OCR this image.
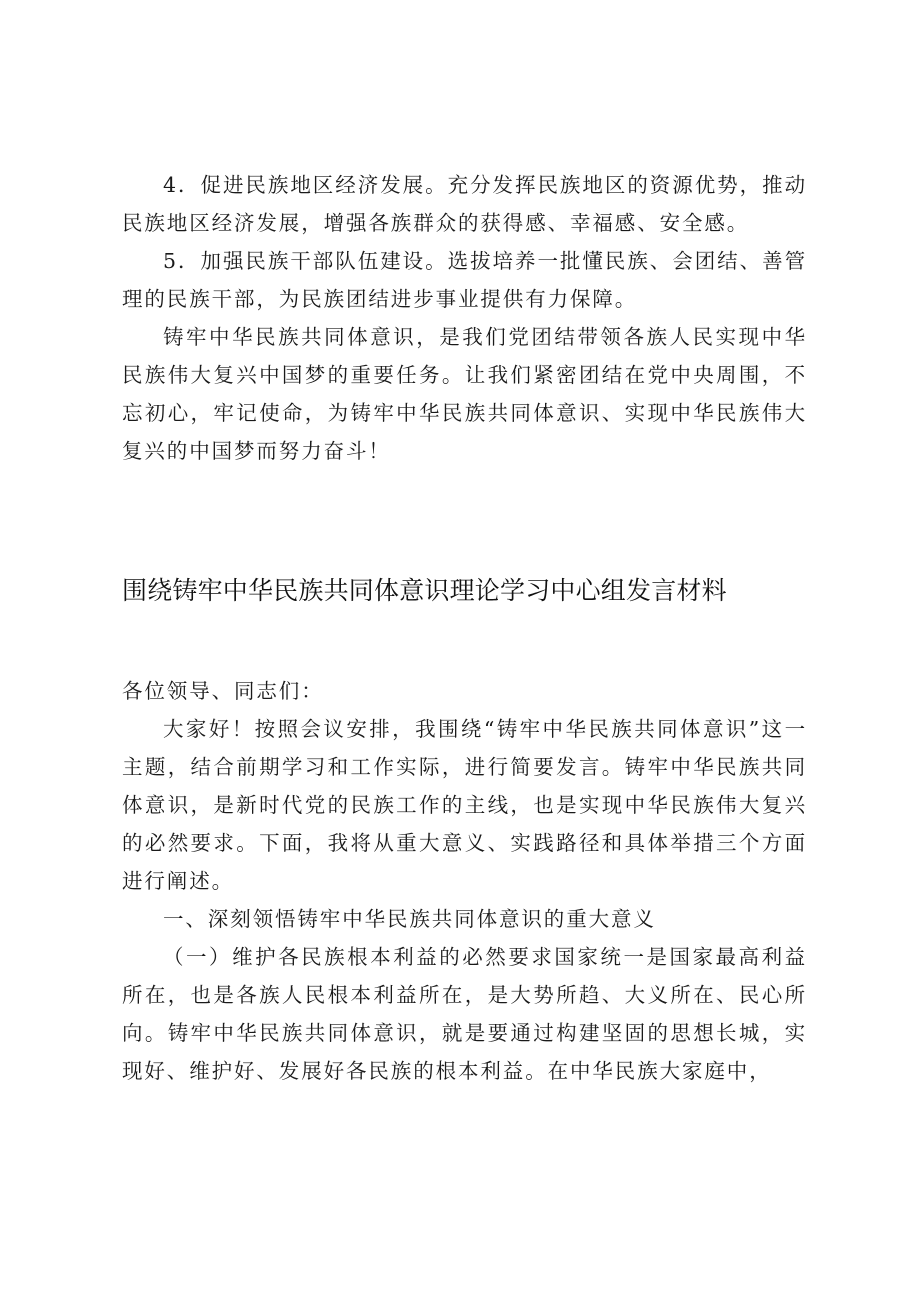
4．促进民族地区经济发展。充分发挥民族地区的资源优势，推动民族地区经济发展，增强各族群众的获得感、幸福感、安全感。

5．加强民族干部队伍建设。选拔培养一批懂民族、会团结、善管理的民族干部，为民族团结进步事业提供有力保障。

铸牢中华民族共同体意识，是我们党团结带领各族人民实现中华民族伟大复兴中国梦的重要任务。让我们紧密团结在党中央周围，不忘初心，牢记使命，为铸牢中华民族共同体意识、实现中华民族伟大复兴的中国梦而努力奋斗！

围绕铸牢中华民族共同体意识理论学习中心组发言材料

各位领导、同志们：

大家好！按照会议安排，我围绕“铸牢中华民族共同体意识”这一主题，结合前期学习和工作实际，进行简要发言。铸牢中华民族共同体意识，是新时代党的民族工作的主线，也是实现中华民族伟大复兴的必然要求。下面，我将从重大意义、实践路径和具体举措三个方面进行阐述。

一、深刻领悟铸牢中华民族共同体意识的重大意义

（一）维护各民族根本利益的必然要求国家统一是国家最高利益所在，也是各族人民根本利益所在，是大势所趋、大义所在、民心所向。铸牢中华民族共同体意识，就是要通过构建坚固的思想长城，实现好、维护好、发展好各民族的根本利益。在中华民族大家庭中，
